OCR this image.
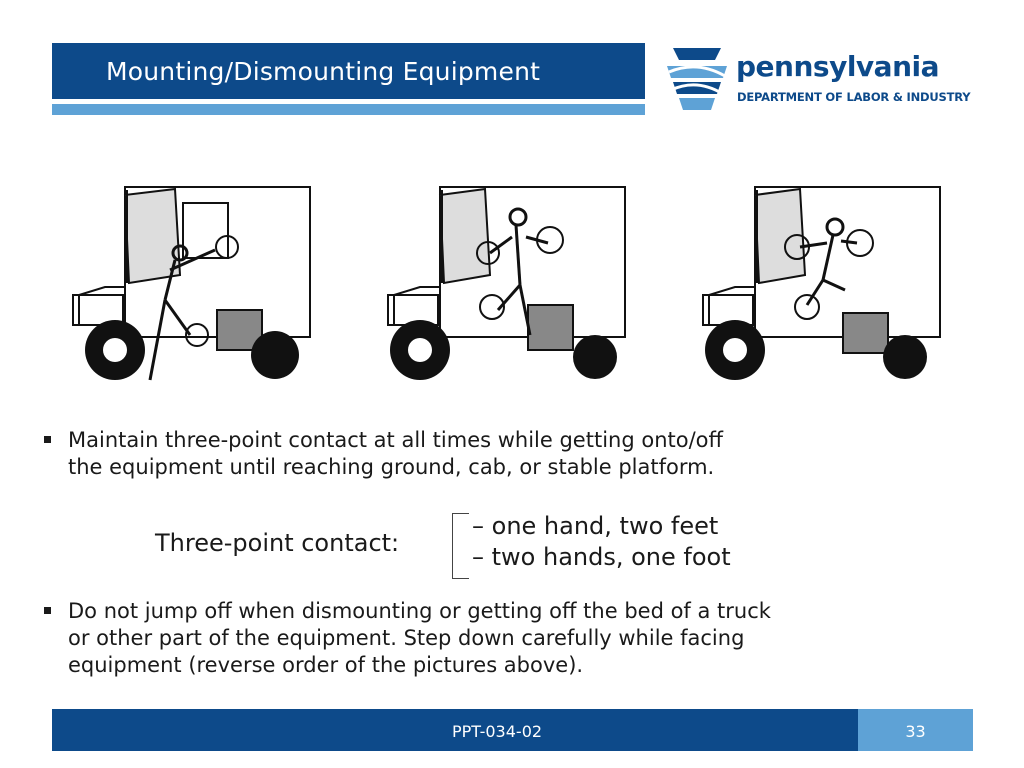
Mounting/Dismounting Equipment	pennsylvania
DEPARTMENT OF LABOR & INDUSTRY
Maintain three-point contact at all times while getting onto/off
the equipment until reaching ground, cab, or stable platform.
Three-point contact:
– one hand, two feet
– two hands, one foot
Do not jump off when dismounting or getting off the bed of a truck
or other part of the equipment. Step down carefully while facing
equipment (reverse order of the pictures above).
PPT-034-02	33
